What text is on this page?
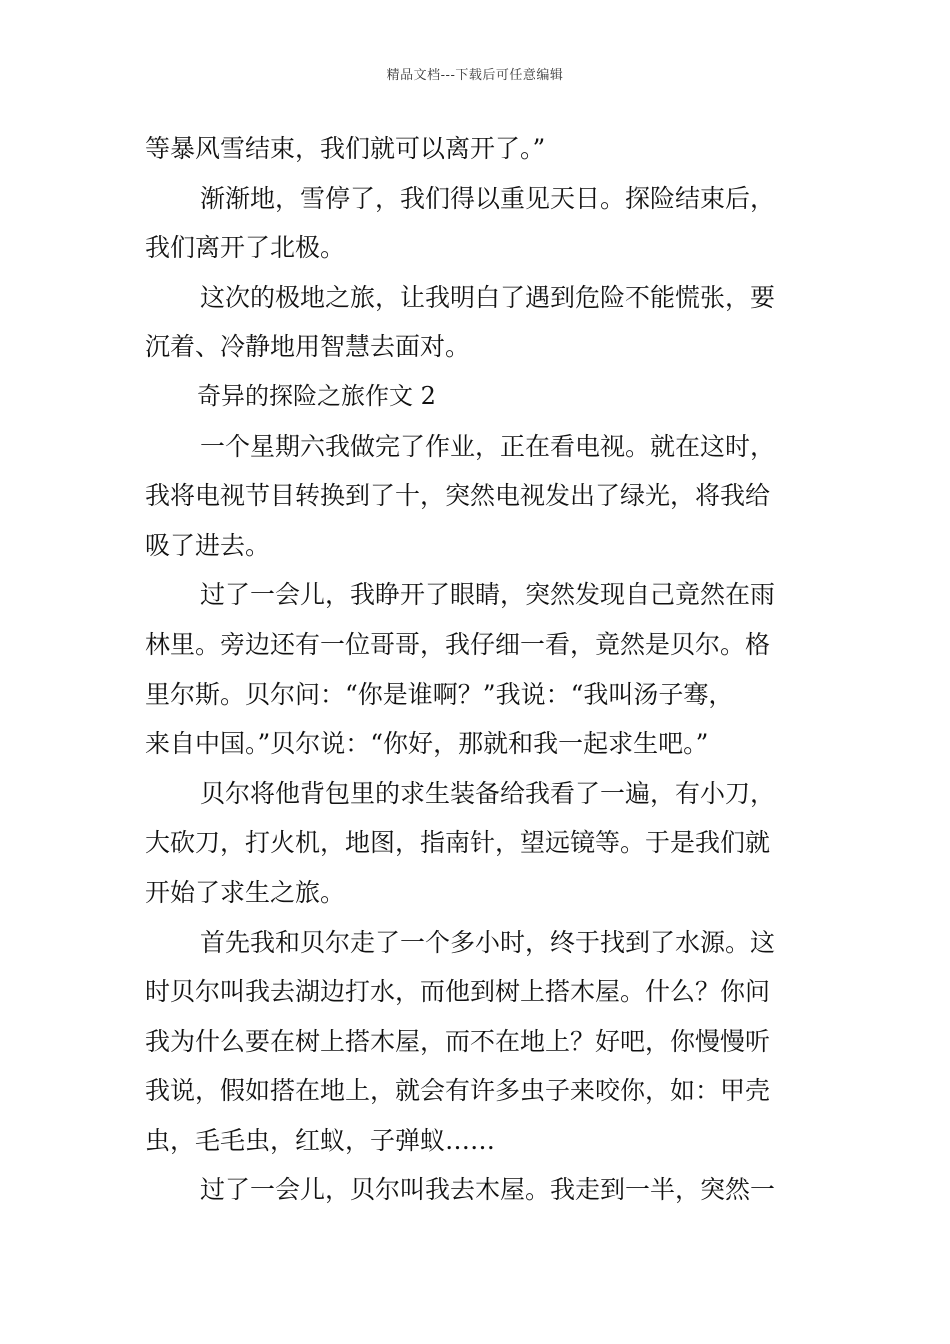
精品文档---下载后可任意编辑
等暴风雪结束，我们就可以离开了。”
渐渐地，雪停了，我们得以重见天日。探险结束后，
我们离开了北极。
这次的极地之旅，让我明白了遇到危险不能慌张，要
沉着、冷静地用智慧去面对。
奇异的探险之旅作文 2
一个星期六我做完了作业，正在看电视。就在这时，
我将电视节目转换到了十，突然电视发出了绿光，将我给
吸了进去。
过了一会儿，我睁开了眼睛，突然发现自己竟然在雨
林里。旁边还有一位哥哥，我仔细一看，竟然是贝尔。格
里尔斯。贝尔问：“你是谁啊？”我说：“我叫汤子骞，
来自中国。”贝尔说：“你好，那就和我一起求生吧。”
贝尔将他背包里的求生装备给我看了一遍，有小刀，
大砍刀，打火机，地图，指南针，望远镜等。于是我们就
开始了求生之旅。
首先我和贝尔走了一个多小时，终于找到了水源。这
时贝尔叫我去湖边打水，而他到树上搭木屋。什么？你问
我为什么要在树上搭木屋，而不在地上？好吧，你慢慢听
我说，假如搭在地上，就会有许多虫子来咬你，如：甲壳
虫，毛毛虫，红蚁，子弹蚁……
过了一会儿，贝尔叫我去木屋。我走到一半，突然一
